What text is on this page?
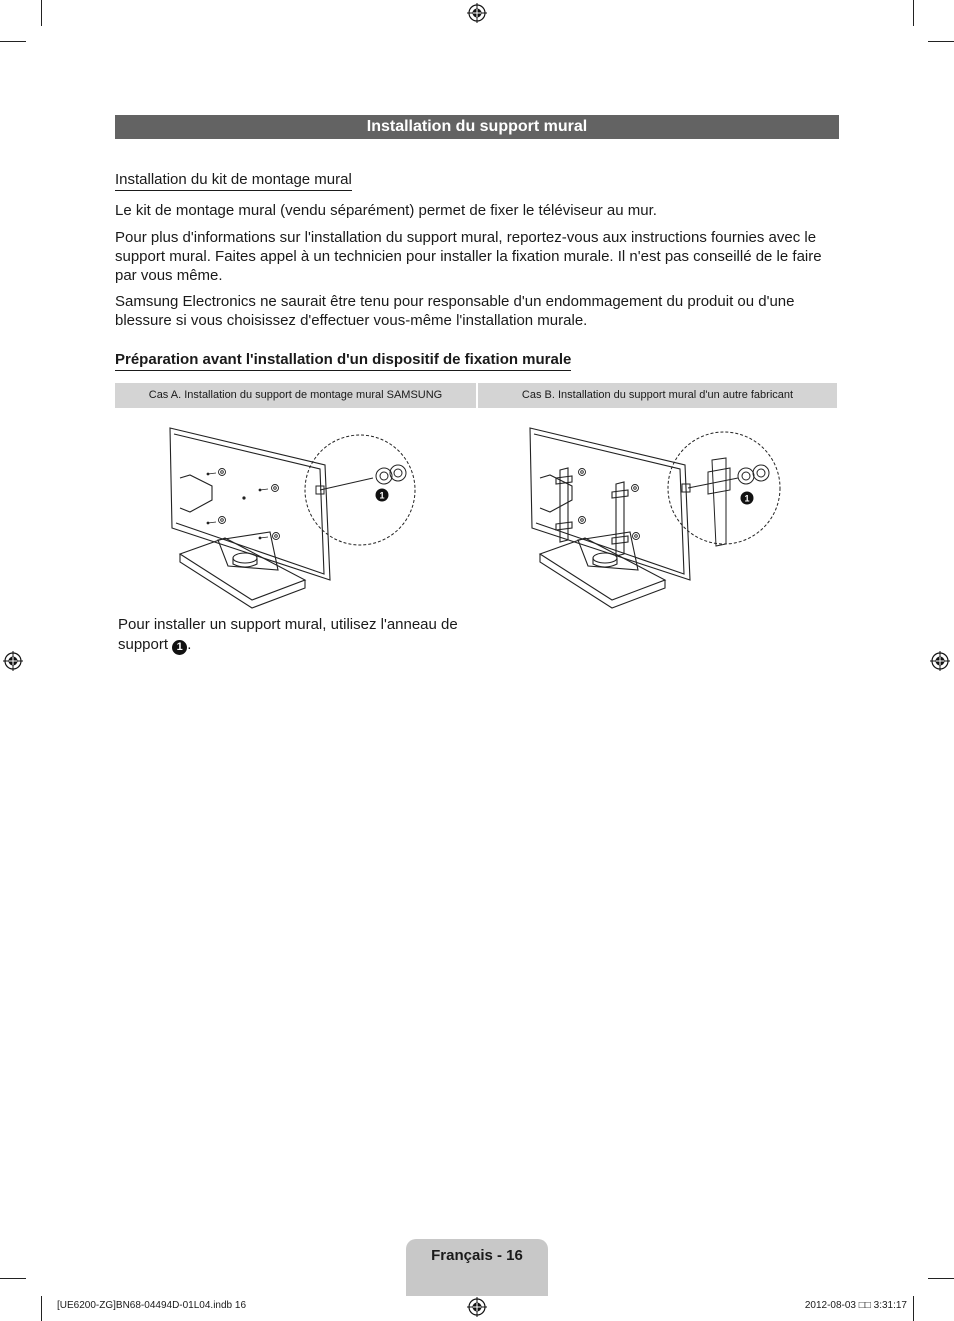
Installation du support mural
Installation du kit de montage mural

Le kit de montage mural (vendu séparément) permet de fixer le téléviseur au mur.

Pour plus d'informations sur l'installation du support mural, reportez-vous aux instructions fournies avec le support mural. Faites appel à un technicien pour installer la fixation murale. Il n'est pas conseillé de le faire par vous même.

Samsung Electronics ne saurait être tenu pour responsable d'un endommagement du produit ou d'une blessure si vous choisissez d'effectuer vous-même l'installation murale.

Préparation avant l'installation d'un dispositif de fixation murale
Cas A. Installation du support de montage mural SAMSUNG	Cas B. Installation du support mural d'un autre fabricant
1	1

Pour installer un support mural, utilisez l'anneau de support 1 .

Français - 16
[UE6200-ZG]BN68-04494D-01L04.indb 16	2012-08-03 □□ 3:31:17
